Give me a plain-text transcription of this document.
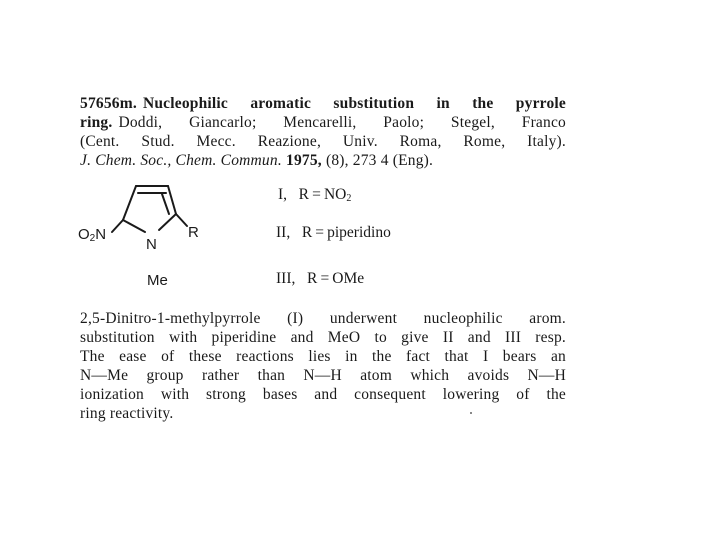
57656m. Nucleophilic aromatic substitution in the pyrrole
ring. Doddi, Giancarlo; Mencarelli, Paolo; Stegel, Franco
(Cent. Stud. Mecc. Reazione, Univ. Roma, Rome, Italy).
J. Chem. Soc., Chem. Commun. 1975, (8), 273 4 (Eng).
$O_2N$
N
R
Me
I, $R = NO_2$
II, R = piperidino
III, R = OMe
2,5-Dinitro-1-methylpyrrole (I) underwent nucleophilic arom.
substitution with piperidine and MeO to give II and III resp.
The ease of these reactions lies in the fact that I bears an
N—Me group rather than N—H atom which avoids N—H
ionization with strong bases and consequent lowering of the
ring reactivity.
